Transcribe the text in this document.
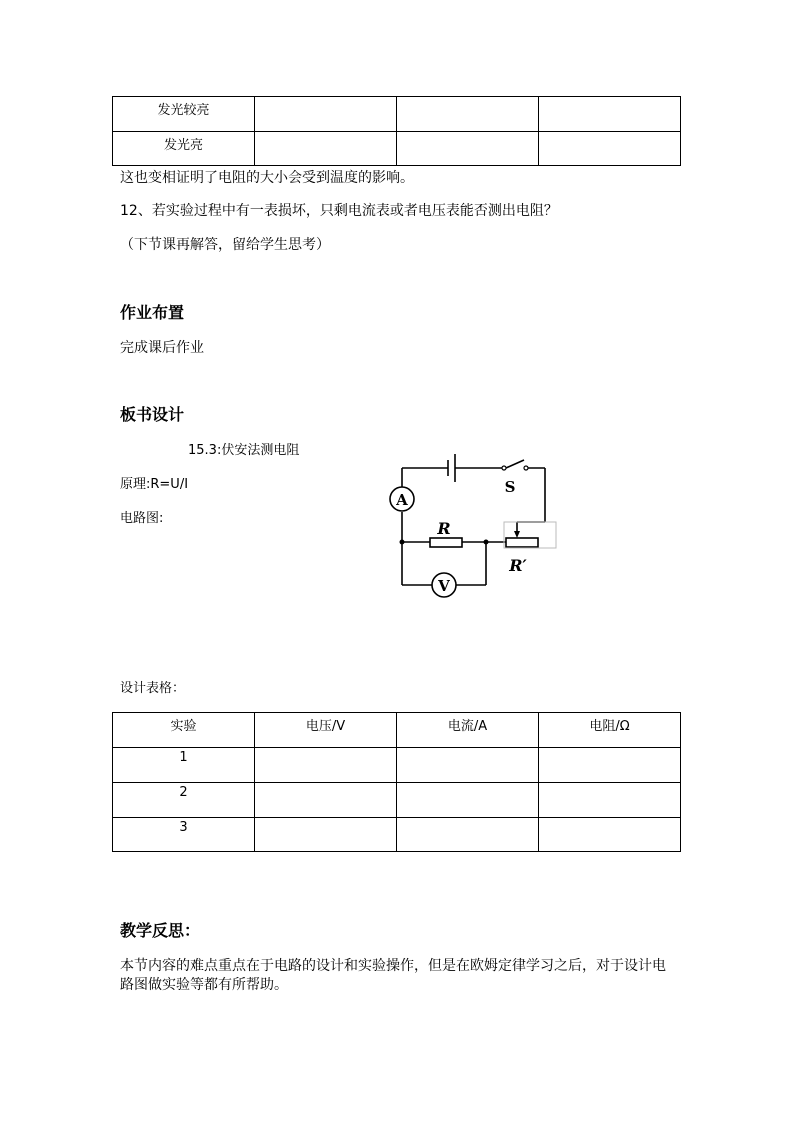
发光较亮			
发光亮			
这也变相证明了电阻的大小会受到温度的影响。
12、若实验过程中有一表损坏，只剩电流表或者电压表能否测出电阻？
（下节课再解答，留给学生思考）
作业布置
完成课后作业
板书设计
15.3:伏安法测电阻
原理:R=U/I
电路图:
A
R
R′
S
V
设计表格：
实验	电压/V	电流/A	电阻/Ω
1			
2			
3			
教学反思：
本节内容的难点重点在于电路的设计和实验操作，但是在欧姆定律学习之后，对于设计电
路图做实验等都有所帮助。
